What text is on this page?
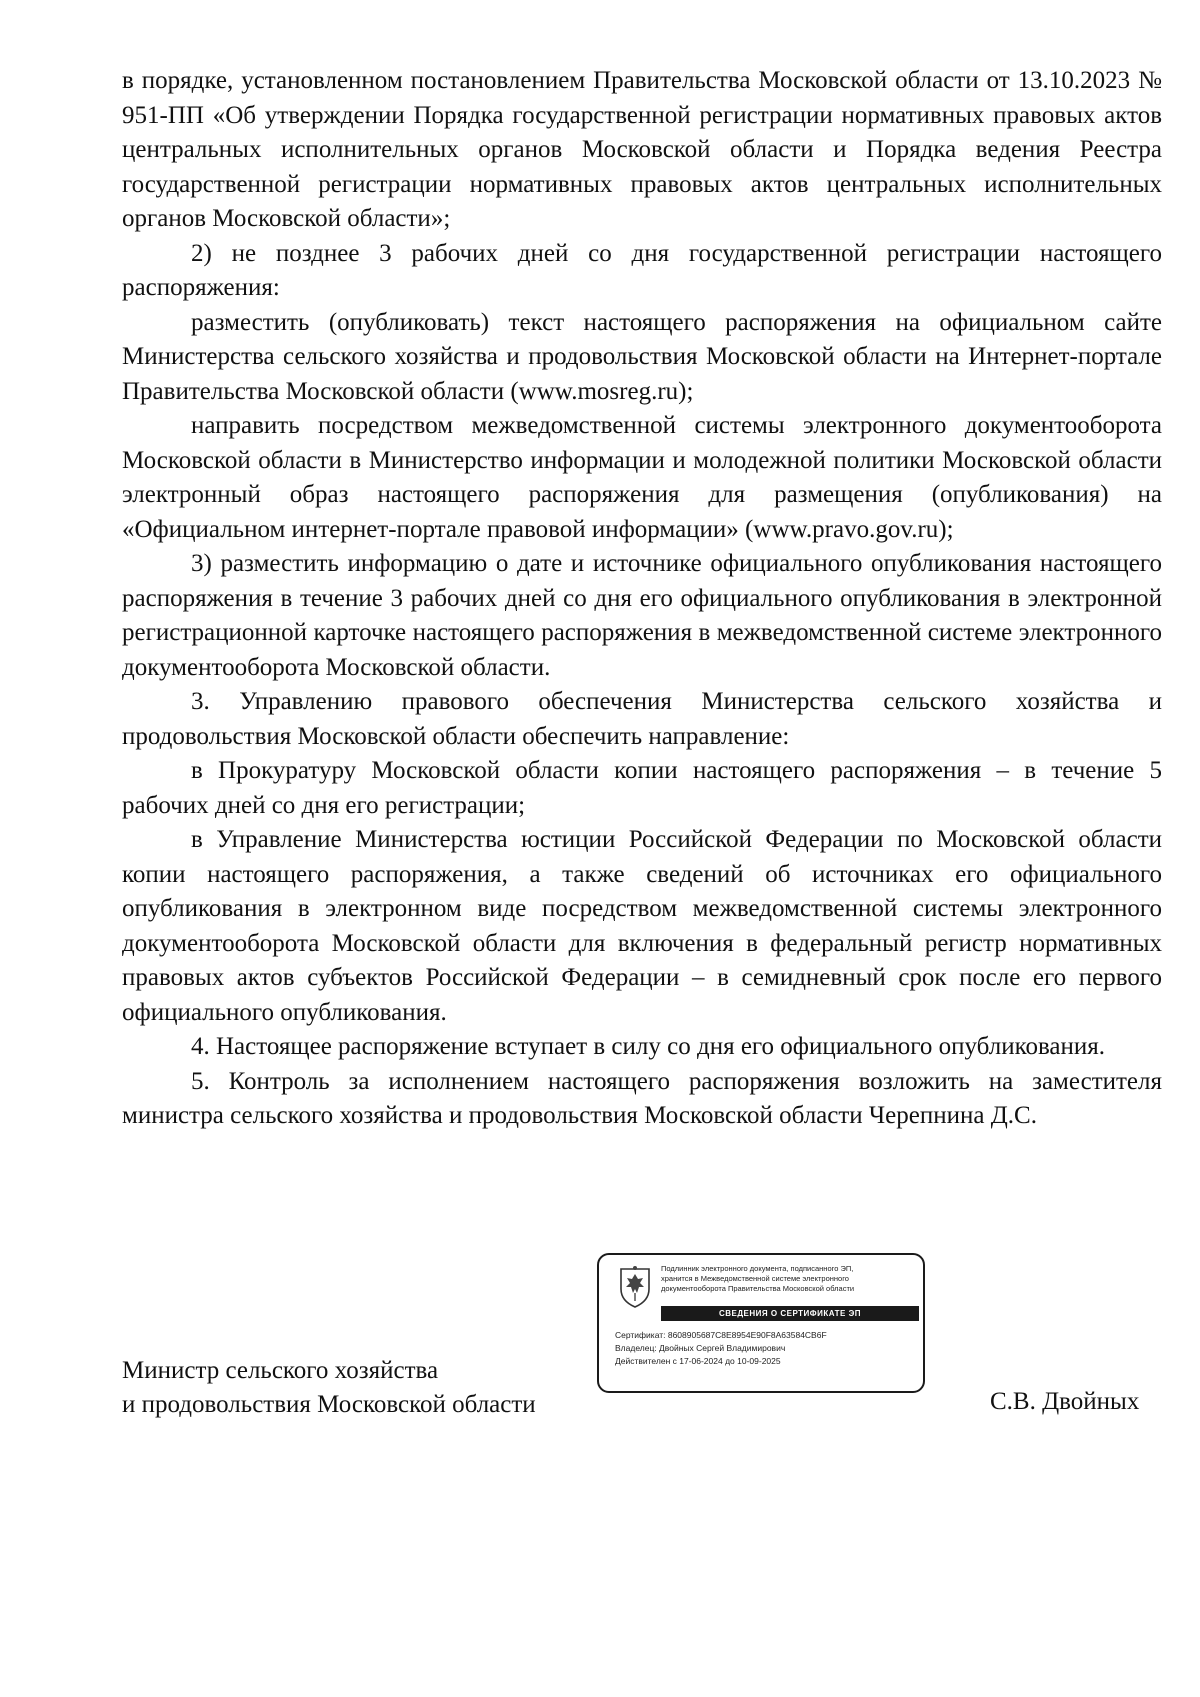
в порядке, установленном постановлением Правительства Московской области от 13.10.2023 № 951-ПП «Об утверждении Порядка государственной регистрации нормативных правовых актов центральных исполнительных органов Московской области и Порядка ведения Реестра государственной регистрации нормативных правовых актов центральных исполнительных органов Московской области»;

2) не позднее 3 рабочих дней со дня государственной регистрации настоящего распоряжения:

разместить (опубликовать) текст настоящего распоряжения на официальном сайте Министерства сельского хозяйства и продовольствия Московской области на Интернет-портале Правительства Московской области (www.mosreg.ru);

направить посредством межведомственной системы электронного документооборота Московской области в Министерство информации и молодежной политики Московской области электронный образ настоящего распоряжения для размещения (опубликования) на «Официальном интернет-портале правовой информации» (www.pravo.gov.ru);

3) разместить информацию о дате и источнике официального опубликования настоящего распоряжения в течение 3 рабочих дней со дня его официального опубликования в электронной регистрационной карточке настоящего распоряжения в межведомственной системе электронного документооборота Московской области.

3. Управлению правового обеспечения Министерства сельского хозяйства и продовольствия Московской области обеспечить направление:

в Прокуратуру Московской области копии настоящего распоряжения – в течение 5 рабочих дней со дня его регистрации;

в Управление Министерства юстиции Российской Федерации по Московской области копии настоящего распоряжения, а также сведений об источниках его официального опубликования в электронном виде посредством межведомственной системы электронного документооборота Московской области для включения в федеральный регистр нормативных правовых актов субъектов Российской Федерации – в семидневный срок после его первого официального опубликования.

4. Настоящее распоряжение вступает в силу со дня его официального опубликования.

5. Контроль за исполнением настоящего распоряжения возложить на заместителя министра сельского хозяйства и продовольствия Московской области Черепнина Д.С.

Министр сельского хозяйства
и продовольствия Московской области	С.В. Двойных
Подлинник электронного документа, подписанного ЭП,
хранится в Межведомственной системе электронного
документооборота Правительства Московской области
СВЕДЕНИЯ О СЕРТИФИКАТЕ ЭП
Сертификат: 8608905687C8E8954E90F8A63584CB6F
Владелец: Двойных Сергей Владимирович
Действителен с 17-06-2024 до 10-09-2025
